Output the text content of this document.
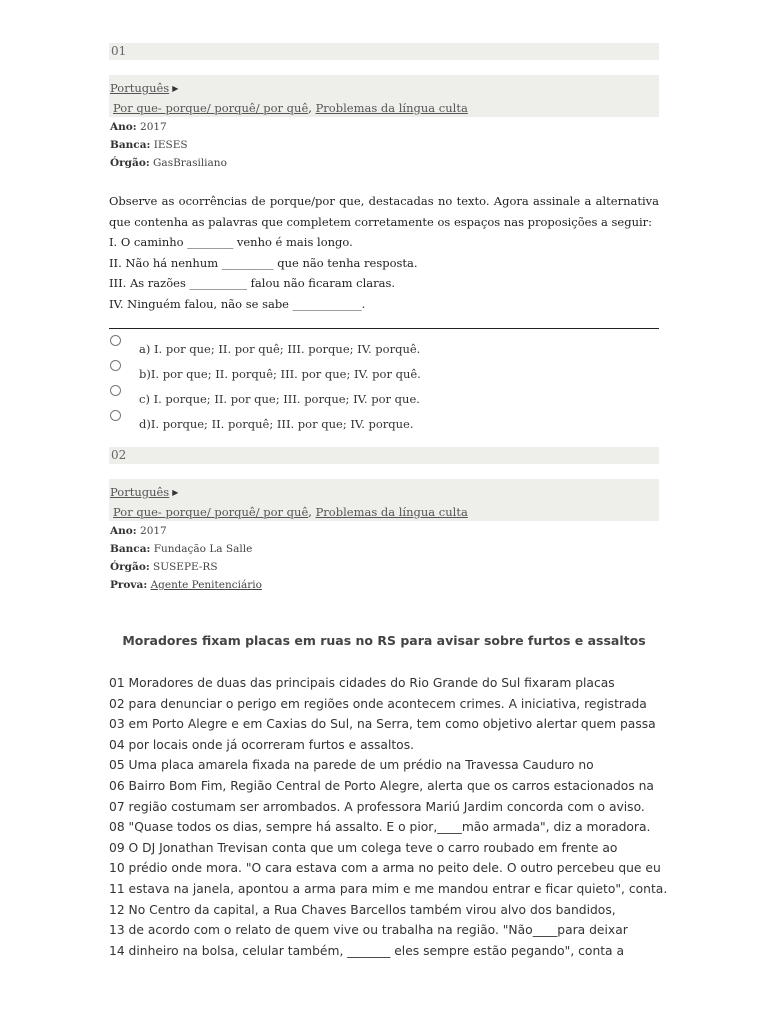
01
Português ▶
Por que- porque/ porquê/ por quê, Problemas da língua culta
Ano: 2017
Banca: IESES
Órgão: GasBrasiliano
Observe as ocorrências de porque/por que, destacadas no texto. Agora assinale a alternativa
que contenha as palavras que completem corretamente os espaços nas proposições a seguir:
I. O caminho ________ venho é mais longo.
II. Não há nenhum _________ que não tenha resposta.
III. As razões __________ falou não ficaram claras.
IV. Ninguém falou, não se sabe ____________.
a) I. por que; II. por quê; III. porque; IV. porquê.
b)I. por que; II. porquê; III. por que; IV. por quê.
c) I. porque; II. por que; III. porque; IV. por que.
d)I. porque; II. porquê; III. por que; IV. porque.
02
Português ▶
Por que- porque/ porquê/ por quê, Problemas da língua culta
Ano: 2017
Banca: Fundação La Salle
Órgão: SUSEPE-RS
Prova: Agente Penitenciário
Moradores fixam placas em ruas no RS para avisar sobre furtos e assaltos
01 Moradores de duas das principais cidades do Rio Grande do Sul fixaram placas
02 para denunciar o perigo em regiões onde acontecem crimes. A iniciativa, registrada
03 em Porto Alegre e em Caxias do Sul, na Serra, tem como objetivo alertar quem passa
04 por locais onde já ocorreram furtos e assaltos.
05 Uma placa amarela fixada na parede de um prédio na Travessa Cauduro no
06 Bairro Bom Fim, Região Central de Porto Alegre, alerta que os carros estacionados na
07 região costumam ser arrombados. A professora Mariú Jardim concorda com o aviso.
08 "Quase todos os dias, sempre há assalto. E o pior,____mão armada", diz a moradora.
09 O DJ Jonathan Trevisan conta que um colega teve o carro roubado em frente ao
10 prédio onde mora. "O cara estava com a arma no peito dele. O outro percebeu que eu
11 estava na janela, apontou a arma para mim e me mandou entrar e ficar quieto", conta.
12 No Centro da capital, a Rua Chaves Barcellos também virou alvo dos bandidos,
13 de acordo com o relato de quem vive ou trabalha na região. "Não____para deixar
14 dinheiro na bolsa, celular também, _______ eles sempre estão pegando", conta a
